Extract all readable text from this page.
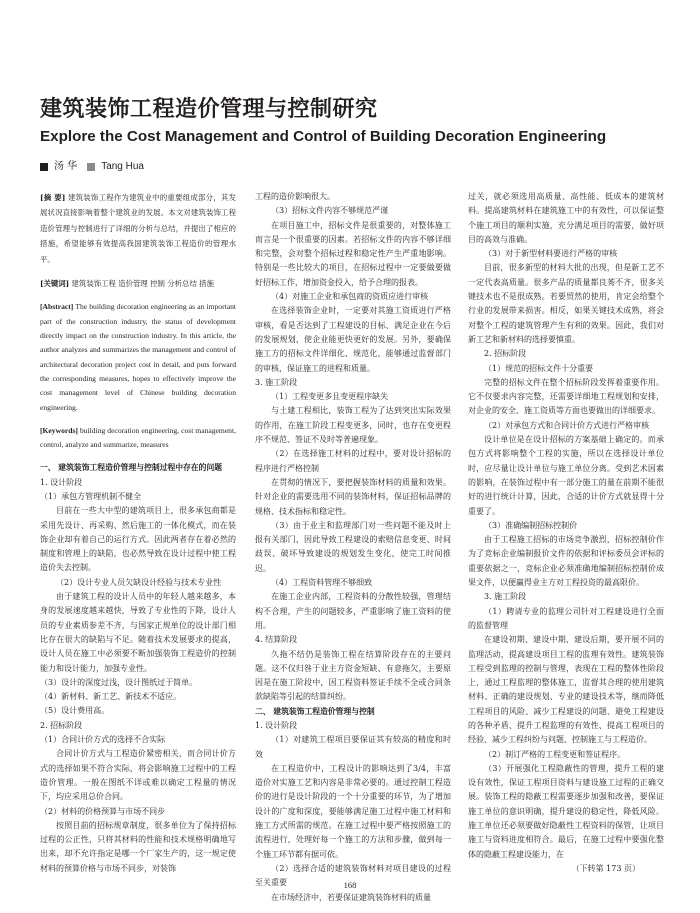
建筑装饰工程造价管理与控制研究
Explore the Cost Management and Control of Building Decoration Engineering
汤 华 Tang Hua

[摘 要] 建筑装饰工程作为建筑业中的重要组成部分，其发展状况直接影响着整个建筑业的发展。本文对建筑装饰工程造价管理与控制进行了详细的分析与总结，并提出了相应的措施，希望能够有效提高我国建筑装饰工程造价的管理水平。

[关键词] 建筑装饰工程 造价管理 控制 分析总结 措施

[Abstract] The building decoration engineering as an important part of the construction industry, the status of development directly impact on the construction industry. In this article, the author analyzes and summarizes the management and control of architectural decoration project cost in detail, and puts forward the corresponding measures, hopes to effectively improve the cost management level of Chinese building decoration engineering.

[Keywords] building decoration engineering, cost management, control, analyze and summarize, measures

一、 建筑装饰工程造价管理与控制过程中存在的问题

1. 设计阶段

（1）承包方管理机制不健全

目前在一些大中型的建筑项目上，很多承包商都是采用先设计、再采购、然后施工的一体化模式，而在装饰企业却有着自己的运行方式。因此两者存在着必然的制度和管理上的缺陷，也必然导致在设计过程中使工程造价失去控制。

（2）设计专业人员欠缺设计经验与技术专业性

由于建筑工程的设计人员中的年轻人越来越多，本身的发展速度越来越快，导致了专业性的下降，设计人员的专业素质参差不齐，与国家正规单位的设计部门相比存在很大的缺陷与不足。随着技术发展要求的提高，设计人员在施工中必须要不断加强装饰工程造价的控制能力和设计能力，加强专业性。

（3）设计的深度过浅，设计图纸过于简单。

（4）新材料、新工艺、新技术不适应。

（5）设计费用高。

2. 招标阶段

（1）合同计价方式的选择不合实际

合同计价方式与工程造价紧密相关，而合同计价方式的选择如果不符合实际，将会影响施工过程中的工程造价管理。一般在图纸不详或难以确定工程量的情况下，均应采用总价合同。

（2）材料的价格预算与市场不同步

按照目前的招标规章制度，很多单位为了保持招标过程的公正性，只将其材料的性能和技术规格明确地写出来，却不允许指定是哪一个厂家生产的，这一规定使材料的预算价格与市场不同步，对装饰

工程的造价影响很大。

（3）招标文件内容不够规范严谨

在项目施工中，招标文件是很重要的，对整体施工而言是一个很重要的因素。若招标文件的内容不够详细和完整，会对整个招标过程和稳定性产生严重地影响。特别是一些比较大的项目，在招标过程中一定要做要做好招标工作，增加资金投入，给予合理的报表。

（4）对施工企业和承包商的资质应进行审核

在选择装饰企业时，一定要对其施工资质进行严格审核，看是否达到了工程建设的目标、满足企业在今后的发展规划，使企业能更快更好的发展。另外，要确保施工方的招标文件详细化、规范化，能够通过监督部门的审核，保证施工的进程和质量。

3. 施工阶段

（1）工程变更多且变更程序缺失

与土建工程相比，装饰工程为了达到突出实际效果的作用，在施工阶段工程变更多，同时，也存在变更程序不规范、签证不及时等普遍现象。

（2）在选择施工材料的过程中，要对设计招标的程序进行严格控制

在贯彻的情况下，要把握装饰材料的质量和效果。针对企业的需要选用不同的装饰材料，保证招标品牌的规格、技术指标和稳定性。

（3）由于业主和监理部门对一些问题不能及时上报有关部门，因此导致工程建设的索赔信息变更、时间歧误、破坏导致建设的规划发生变化，使完工时间推迟。

（4）工程资料管理不够细致

在施工企业内部，工程资料的分散性较强，管理结构不合理，产生的问题较多，严重影响了施工资料的使用。

4. 结算阶段

久拖不结仍是装饰工程在结算阶段存在的主要问题。这不仅归咎于业主方资金短缺、有意拖欠，主要原因是在施工阶段中，因工程资料签证手续不全或合同条款缺陷等引起的结算纠纷。

二、 建筑装饰工程造价管理与控制

1. 设计阶段

（1）对建筑工程项目要保证其有较高的精度和时效

在工程造价中，工程设计的影响达到了3/4，丰富造价对实施工艺和内容是非常必要的。通过控制工程造价的进行是设计阶段的一个十分重要的环节，为了增加设计的广度和深度，要能够满足施工过程中施工材料和施工方式所需的规范。在施工过程中要严格按照施工的流程进行，处理好每一个施工的方法和步骤，做到每一个施工环节都有据可依。

（2）选择合适的建筑装饰材料对项目建设的过程至关重要

在市场经济中，若要保证建筑装饰材料的质量

过关，就必须选用高质量、高性能、低成本的建筑材料。提高建筑材料在建筑施工中的有效性，可以保证整个施工项目的顺利实施，充分满足项目的需要，做好项目的高效与准确。

（3）对于新型材料要进行严格的审核

目前，很多新型的材料大批的出现，但是新工艺不一定代表高质量。很多产品的质量都良莠不齐，很多关键技术也不是很成熟。若要贸然的使用，肯定会给整个行业的发展带来损害。相反，如果关键技术成熟，将会对整个工程的建筑管理产生有利的效果。因此，我们对新工艺和新材料的选择要慎重。

2. 招标阶段

（1）规范的招标文件十分重要

完整的招标文件在整个招标阶段发挥着重要作用。它不仅要求内容完整，还需要详细地工程规划和安排，对企业的安全、施工资质等方面也要做出的详细要求。

（2）对承包方式和合同计价方式进行严格审核

设计单位是在设计招标的方案基础上确定的。而承包方式将影响整个工程的实施，所以在选择设计单位时，应尽量让设计单位与施工单位分离。受到艺术因素的影响，在装饰过程中有一部分施工的量在前期不能很好的进行统计计算，因此，合适的计价方式就显得十分重要了。

（3）准确编制招标控制价

由于工程施工招标的市场竞争激烈，招标控制价作为了竞标企业编制报价文件的依据和评标委员会评标的重要依据之一，竞标企业必须准确地编制招标控制价成果文件，以便赢得业主方对工程投资的最高限价。

3. 施工阶段

（1）聘请专业的监理公司针对工程建设进行全面的监督管理

在建设初期、建设中期、建设后期，要开展不同的监理活动，提高建设项目工程的监理有效性。建筑装饰工程受到监理的控制与管理，表现在工程的整体性阶段上，通过工程监理的整体施工，监督其合理的使用建筑材料、正确的建设规划、专业的建设技术等，继而降低工程项目的风险、减少工程建设的问题、避免工程建设的各种矛盾、提升工程监理的有效性、提高工程项目的经验、减少工程纠纷与问题、控制施工与工程造价。

（2）制订严格的工程变更和签证程序。

（3）开展强化工程隐蔽性的管理，提升工程的建设有效性，保证工程项目资料与建设施工过程的正确交展。装饰工程的隐蔽工程需要逐步加强和改善，要保证施工单位的意识明确，提升建设的稳定性，降低风险。施工单位还必须要做好隐蔽性工程资料的保管，让项目施工与资料进度相符合。最后，在施工过程中要强化整体的隐蔽工程建设能力，在

（下转第 173 页）

168
